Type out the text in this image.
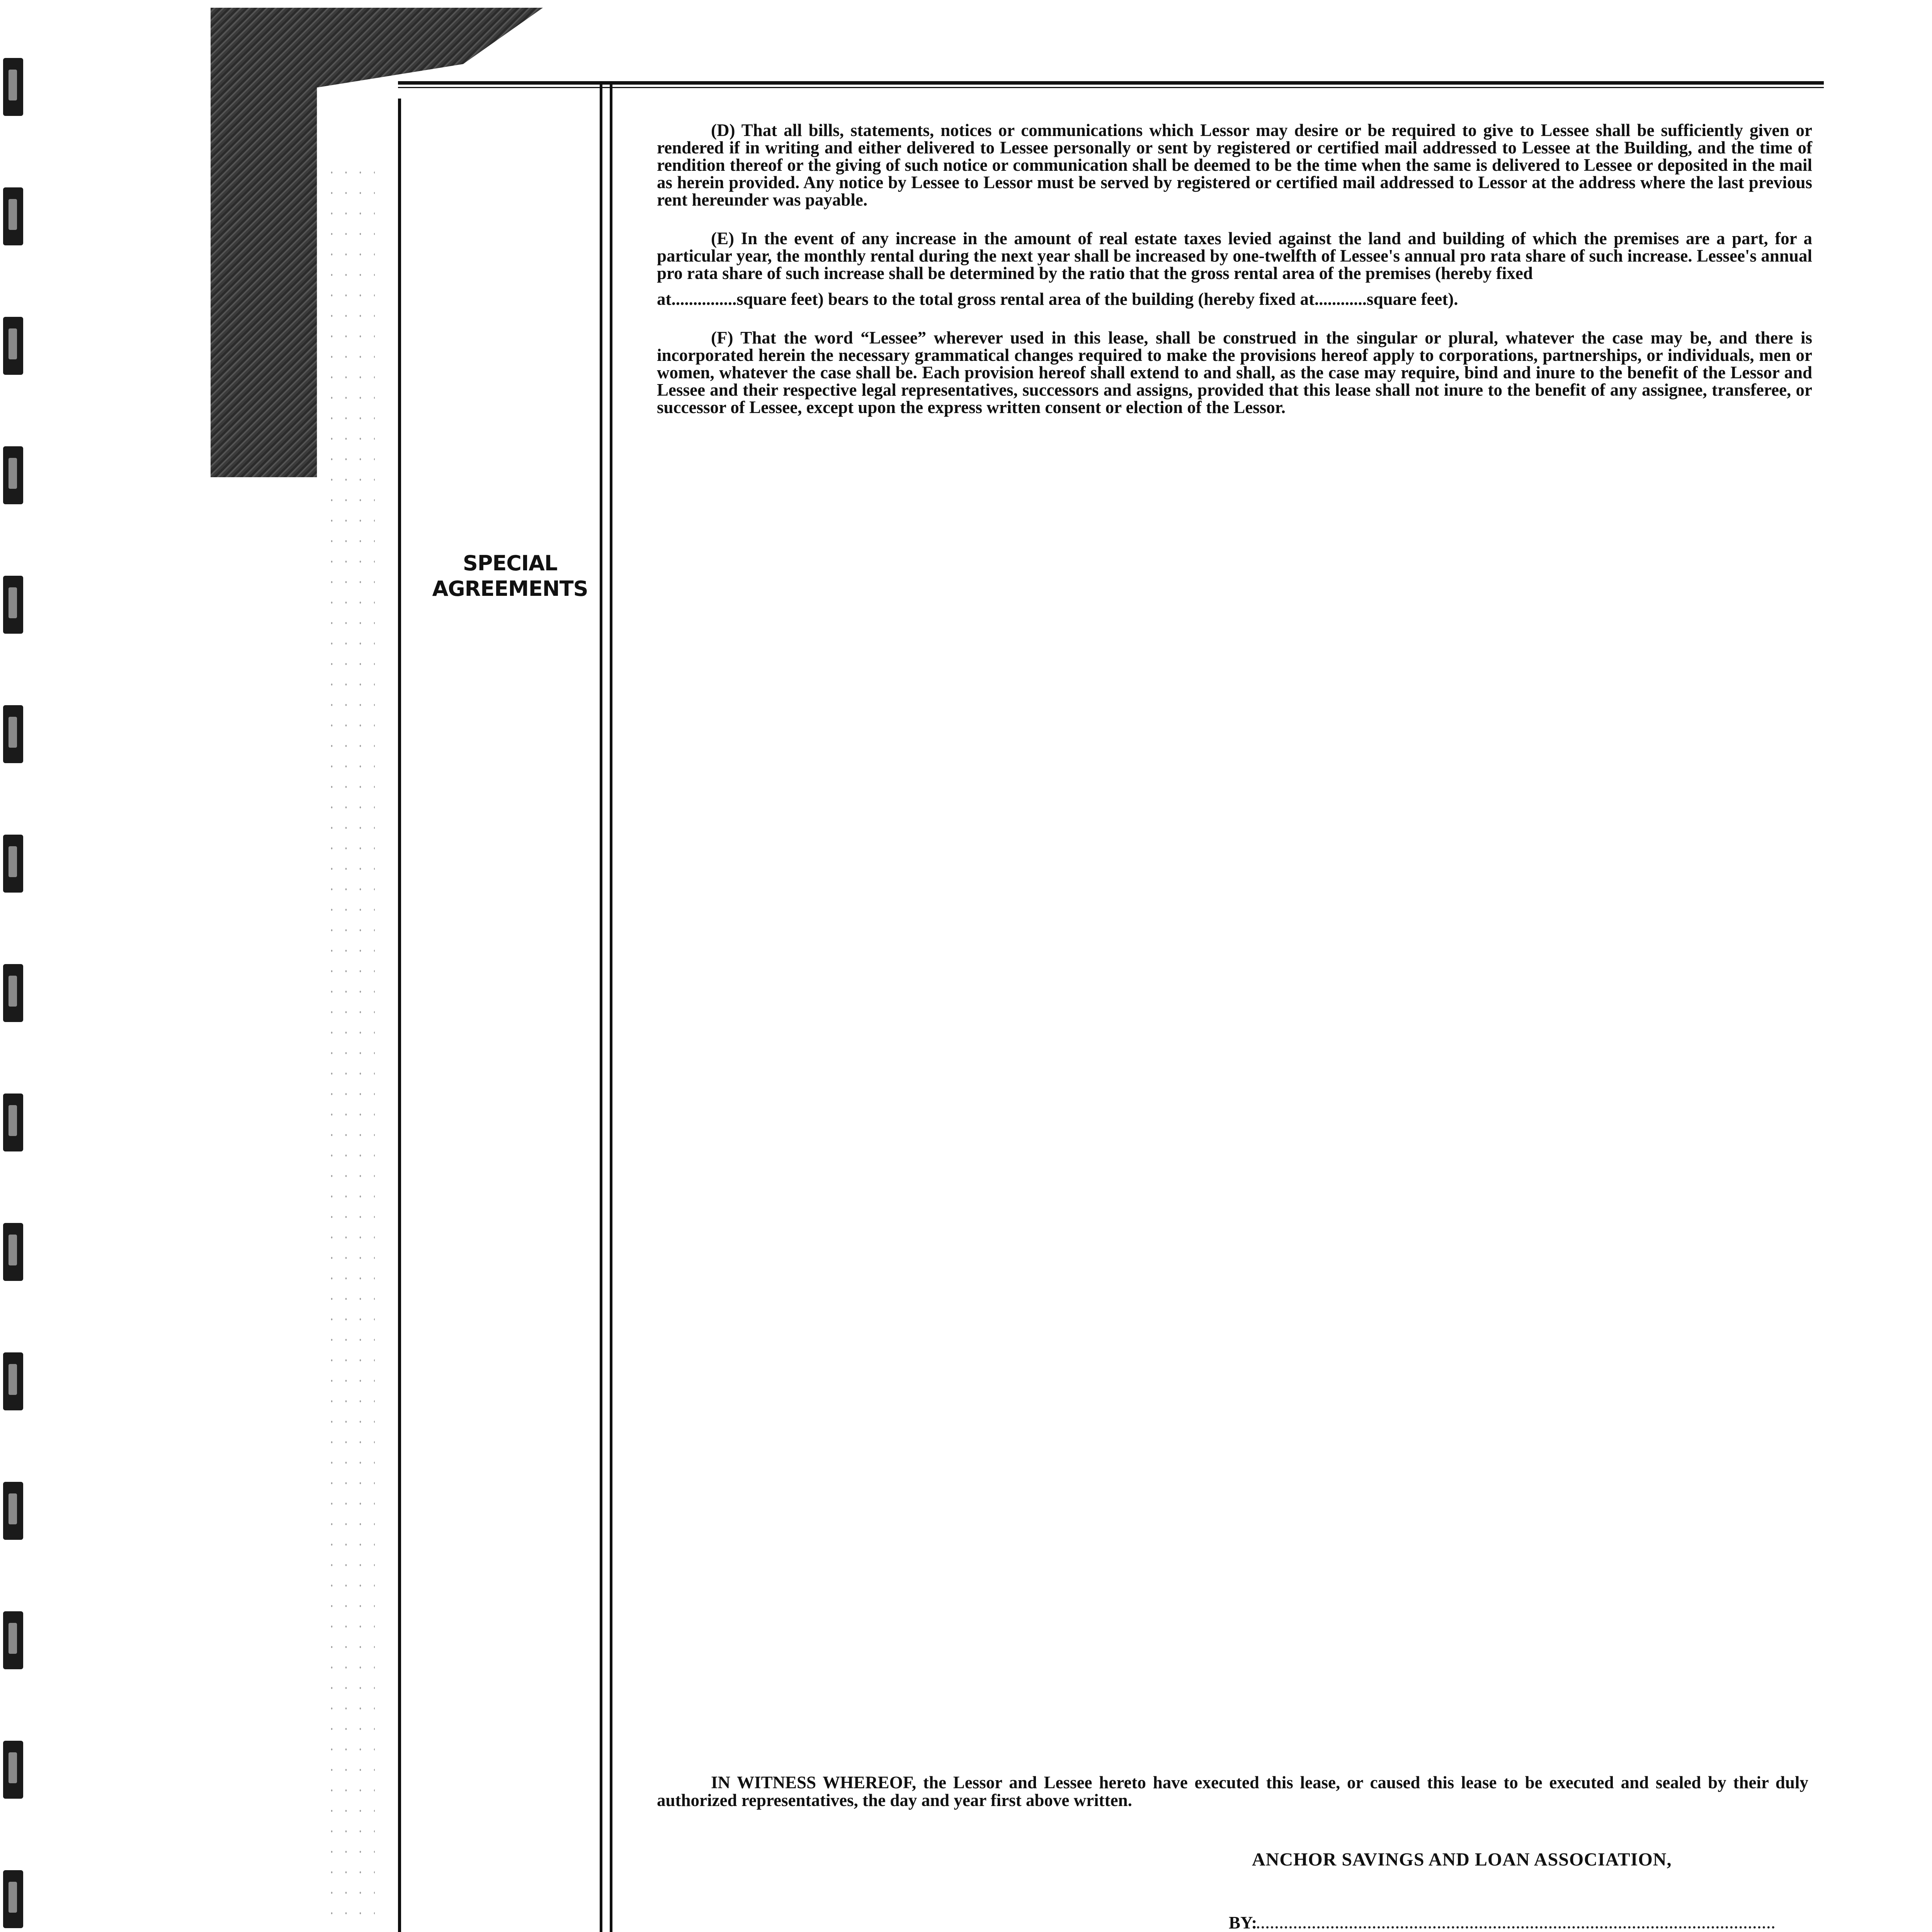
SPECIAL AGREEMENTS

(D) That all bills, statements, notices or communications which Lessor may desire or be required to give to Lessee shall be sufficiently given or rendered if in writing and either delivered to Lessee personally or sent by registered or certified mail addressed to Lessee at the Building, and the time of rendition thereof or the giving of such notice or communication shall be deemed to be the time when the same is delivered to Lessee or deposited in the mail as herein provided. Any notice by Lessee to Lessor must be served by registered or certified mail addressed to Lessor at the address where the last previous rent hereunder was payable.

(E) In the event of any increase in the amount of real estate taxes levied against the land and building of which the premises are a part, for a particular year, the monthly rental during the next year shall be increased by one-twelfth of Lessee's annual pro rata share of such increase. Lessee's annual pro rata share of such increase shall be determined by the ratio that the gross rental area of the premises (hereby fixed

at...............square feet) bears to the total gross rental area of the building (hereby fixed at............square feet).

(F) That the word “Lessee” wherever used in this lease, shall be construed in the singular or plural, whatever the case may be, and there is incorporated herein the necessary grammatical changes required to make the provisions hereof apply to corporations, partnerships, or individuals, men or women, whatever the case shall be. Each provision hereof shall extend to and shall, as the case may require, bind and inure to the benefit of the Lessor and Lessee and their respective legal representatives, successors and assigns, provided that this lease shall not inure to the benefit of any assignee, transferee, or successor of Lessee, except upon the express written consent or election of the Lessor.

IN WITNESS WHEREOF, the Lessor and Lessee hereto have executed this lease, or caused this lease to be executed and sealed by their duly authorized representatives, the day and year first above written.
ANCHOR SAVINGS AND LOAN ASSOCIATION,
BY:
